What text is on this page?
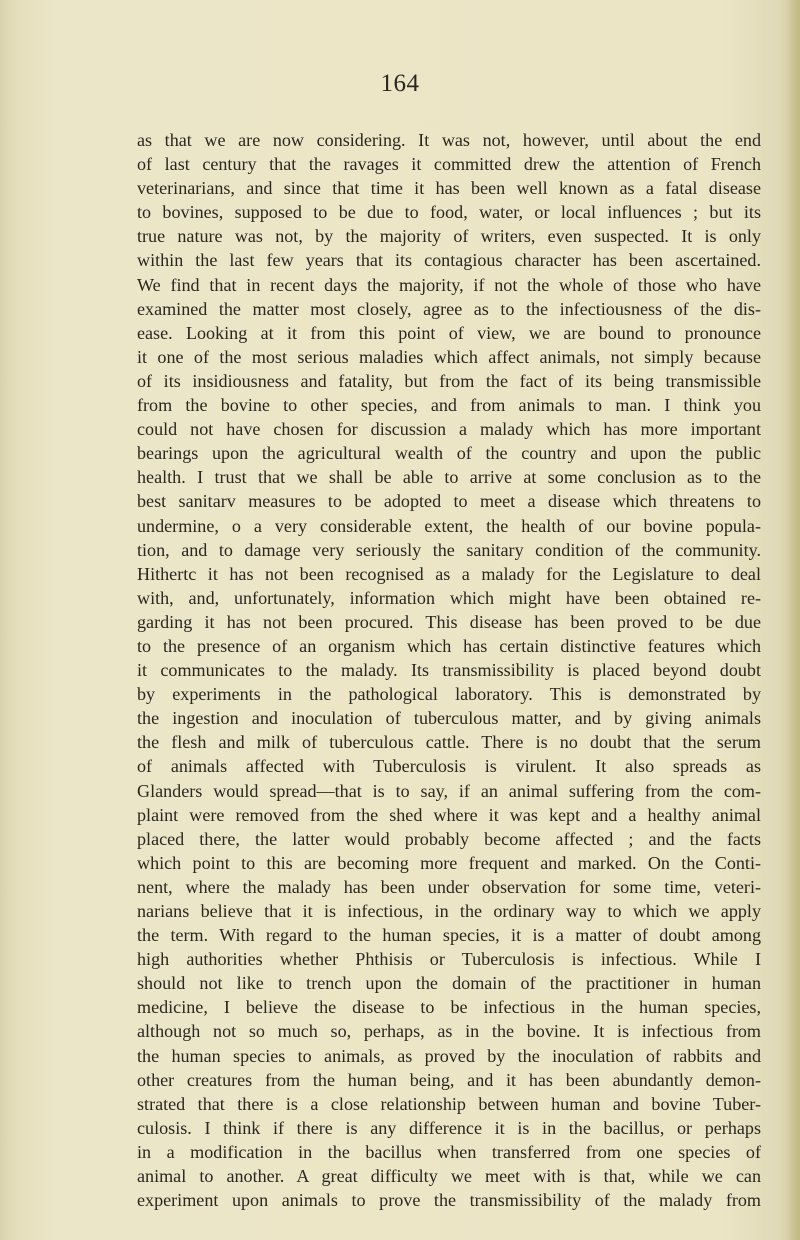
164
as that we are now considering. It was not, however, until about the end
of last century that the ravages it committed drew the attention of French
veterinarians, and since that time it has been well known as a fatal disease
to bovines, supposed to be due to food, water, or local influences ; but its
true nature was not, by the majority of writers, even suspected. It is only
within the last few years that its contagious character has been ascertained.
We find that in recent days the majority, if not the whole of those who have
examined the matter most closely, agree as to the infectiousness of the dis-
ease. Looking at it from this point of view, we are bound to pronounce
it one of the most serious maladies which affect animals, not simply because
of its insidiousness and fatality, but from the fact of its being transmissible
from the bovine to other species, and from animals to man. I think you
could not have chosen for discussion a malady which has more important
bearings upon the agricultural wealth of the country and upon the public
health. I trust that we shall be able to arrive at some conclusion as to the
best sanitarv measures to be adopted to meet a disease which threatens to
undermine, o a very considerable extent, the health of our bovine popula-
tion, and to damage very seriously the sanitary condition of the community.
Hithertc it has not been recognised as a malady for the Legislature to deal
with, and, unfortunately, information which might have been obtained re-
garding it has not been procured. This disease has been proved to be due
to the presence of an organism which has certain distinctive features which
it communicates to the malady. Its transmissibility is placed beyond doubt
by experiments in the pathological laboratory. This is demonstrated by
the ingestion and inoculation of tuberculous matter, and by giving animals
the flesh and milk of tuberculous cattle. There is no doubt that the serum
of animals affected with Tuberculosis is virulent. It also spreads as
Glanders would spread—that is to say, if an animal suffering from the com-
plaint were removed from the shed where it was kept and a healthy animal
placed there, the latter would probably become affected ; and the facts
which point to this are becoming more frequent and marked. On the Conti-
nent, where the malady has been under observation for some time, veteri-
narians believe that it is infectious, in the ordinary way to which we apply
the term. With regard to the human species, it is a matter of doubt among
high authorities whether Phthisis or Tuberculosis is infectious. While I
should not like to trench upon the domain of the practitioner in human
medicine, I believe the disease to be infectious in the human species,
although not so much so, perhaps, as in the bovine. It is infectious from
the human species to animals, as proved by the inoculation of rabbits and
other creatures from the human being, and it has been abundantly demon-
strated that there is a close relationship between human and bovine Tuber-
culosis. I think if there is any difference it is in the bacillus, or perhaps
in a modification in the bacillus when transferred from one species of
animal to another. A great difficulty we meet with is that, while we can
experiment upon animals to prove the transmissibility of the malady from
